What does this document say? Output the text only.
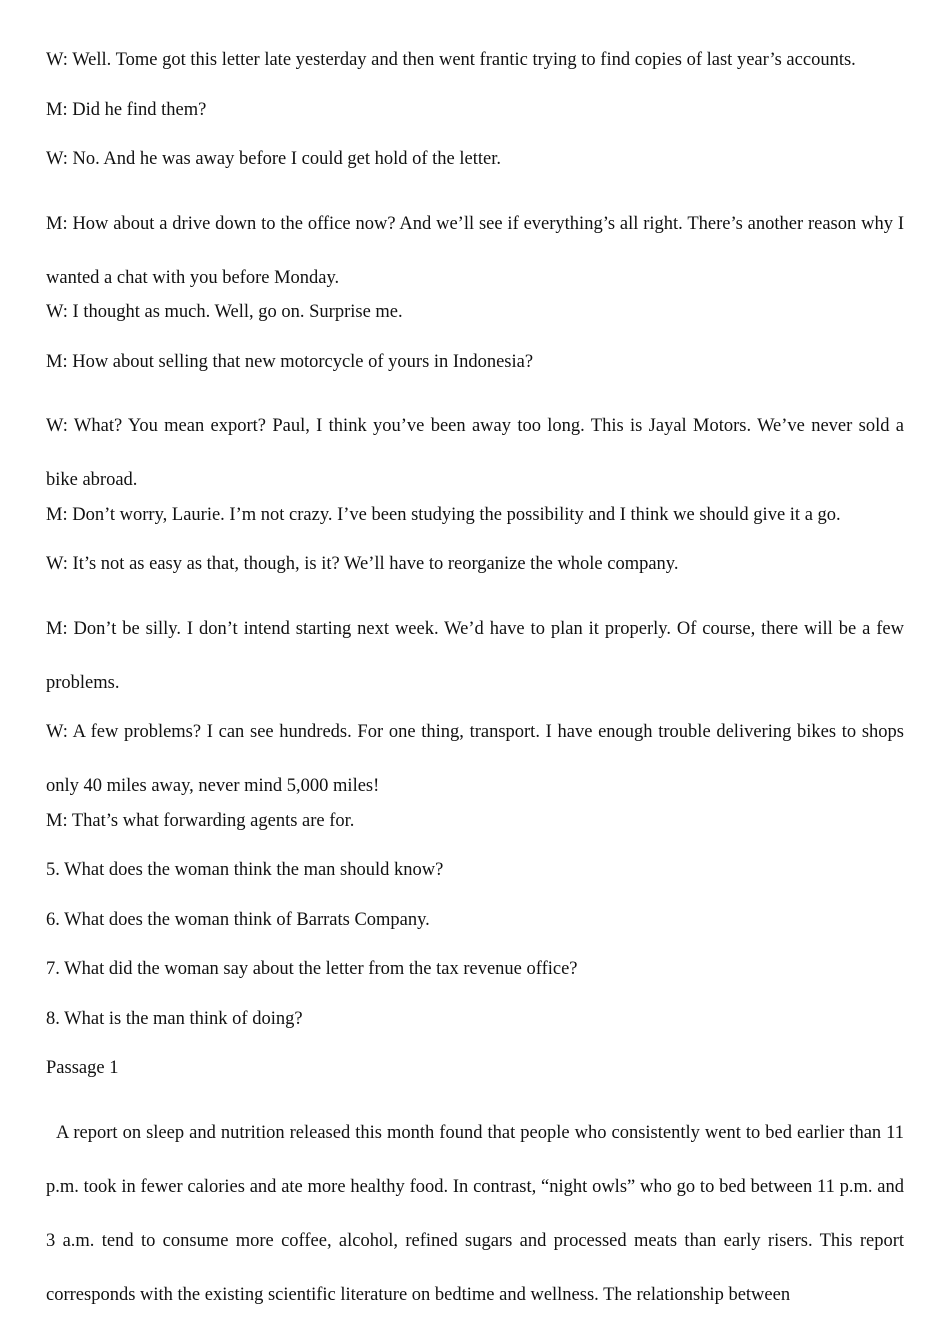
W: Well. Tome got this letter late yesterday and then went frantic trying to find copies of last year’s accounts.

M: Did he find them?

W: No. And he was away before I could get hold of the letter.

M: How about a drive down to the office now? And we’ll see if everything’s all right. There’s another reason why I wanted a chat with you before Monday.

W: I thought as much. Well, go on. Surprise me.

M: How about selling that new motorcycle of yours in Indonesia?

W: What? You mean export? Paul, I think you’ve been away too long. This is Jayal Motors. We’ve never sold a bike abroad.

M: Don’t worry, Laurie. I’m not crazy. I’ve been studying the possibility and I think we should give it a go.

W: It’s not as easy as that, though, is it? We’ll have to reorganize the whole company.

M: Don’t be silly. I don’t intend starting next week. We’d have to plan it properly. Of course, there will be a few problems.

W: A few problems? I can see hundreds. For one thing, transport. I have enough trouble delivering bikes to shops only 40 miles away, never mind 5,000 miles!

M: That’s what forwarding agents are for.

5. What does the woman think the man should know?

6. What does the woman think of Barrats Company.

7. What did the woman say about the letter from the tax revenue office?

8. What is the man think of doing?

Passage 1

A report on sleep and nutrition released this month found that people who consistently went to bed earlier than 11 p.m. took in fewer calories and ate more healthy food. In contrast, “night owls” who go to bed between 11 p.m. and 3 a.m. tend to consume more coffee, alcohol, refined sugars and processed meats than early risers. This report corresponds with the existing scientific literature on bedtime and wellness. The relationship between
